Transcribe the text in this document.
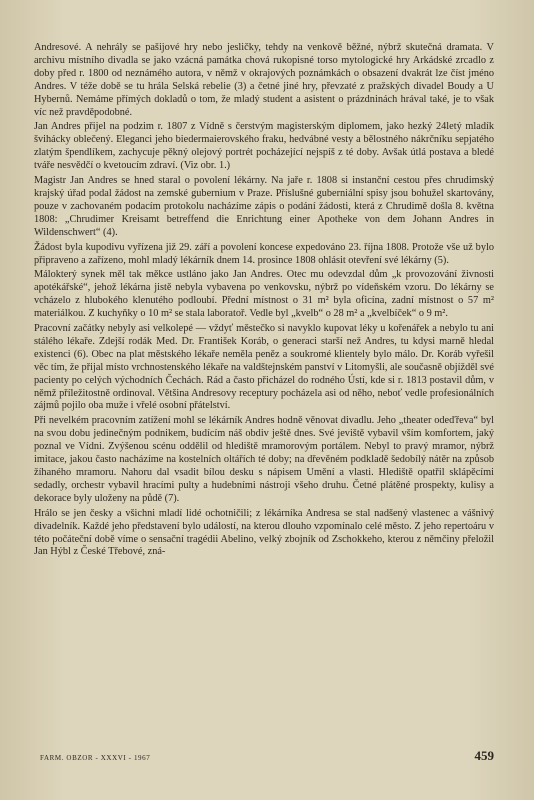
Andresové. A nehrály se pašijové hry nebo jesličky, tehdy na venkově běžné, nýbrž skutečná dramata. V archivu místního divadla se jako vzácná památka chová rukopisné torso mytologické hry Arkádské zrcadlo z doby před r. 1800 od neznámého autora, v němž v okrajových poznámkách o obsazení dvakrát lze číst jméno Andres. V téže době se tu hrála Selská rebelie (3) a četné jiné hry, převzaté z pražských divadel Boudy a U Hybernů. Nemáme přímých dokladů o tom, že mladý student a asistent o prázdninách hrával také, je to však víc než pravděpodobné.

Jan Andres přijel na podzim r. 1807 z Vídně s čerstvým magisterským diplomem, jako hezký 24letý mladík švihácky oblečený. Eleganci jeho biedermaierovského fraku, hedvábné vesty a bělostného nákrčníku sepjatého zlatým špendlíkem, zachycuje pěkný olejový portrét pocházející nejspíš z té doby. Avšak útlá postava a bledé tváře nesvědčí o kvetoucím zdraví. (Viz obr. 1.)

Magistr Jan Andres se hned staral o povolení lékárny. Na jaře r. 1808 si instanční cestou přes chrudimský krajský úřad podal žádost na zemské gubernium v Praze. Příslušné guberniální spisy jsou bohužel skartovány, pouze v zachovaném podacím protokolu nacházíme zápis o podání žádosti, která z Chrudimě došla 8. května 1808: „Chrudimer Kreisamt betreffend die Enrichtung einer Apotheke von dem Johann Andres in Wildenschwert“ (4).

Žádost byla kupodivu vyřízena již 29. září a povolení koncese expedováno 23. října 1808. Protože vše už bylo připraveno a zařízeno, mohl mladý lékárník dnem 14. prosince 1808 ohlásit otevření své lékárny (5).

Málokterý synek měl tak měkce ustláno jako Jan Andres. Otec mu odevzdal dům „k provozování živnosti apotékářské“, jehož lékárna jistě nebyla vybavena po venkovsku, nýbrž po vídeňském vzoru. Do lékárny se vcházelo z hlubokého klenutého podloubí. Přední místnost o 31 m² byla oficína, zadní místnost o 57 m² materiálkou. Z kuchyňky o 10 m² se stala laboratoř. Vedle byl „kvelb“ o 28 m² a „kvelbíček“ o 9 m².

Pracovní začátky nebyly asi velkolepé — vždyť městečko si navyklo kupovat léky u kořenářek a nebylo tu ani stálého lékaře. Zdejší rodák Med. Dr. František Koráb, o generaci starší než Andres, tu kdysi marně hledal existenci (6). Obec na plat městského lékaře neměla peněz a soukromé klientely bylo málo. Dr. Koráb vyřešil věc tím, že přijal místo vrchnostenského lékaře na valdštejnském panství v Litomyšli, ale současně objížděl své pacienty po celých východních Čechách. Rád a často přicházel do rodného Ústí, kde si r. 1813 postavil dům, v němž příležitostně ordinoval. Většina Andresovy receptury pocházela asi od něho, neboť vedle profesionálních zájmů pojilo oba muže i vřelé osobní přátelství.

Při nevelkém pracovním zatížení mohl se lékárník Andres hodně věnovat divadlu. Jeho „theater odeďřeva“ byl na svou dobu jedinečným podnikem, budícím náš obdiv ještě dnes. Své jeviště vybavil vším komfortem, jaký poznal ve Vídni. Zvýšenou scénu oddělil od hlediště mramorovým portálem. Nebyl to pravý mramor, nýbrž imitace, jakou často nacházíme na kostelních oltářích té doby; na dřevěném podkladě šedobílý nátěr na způsob žíhaného mramoru. Nahoru dal vsadit bílou desku s nápisem Umění a vlasti. Hlediště opatřil sklápěcími sedadly, orchestr vybavil hracími pulty a hudebními nástroji všeho druhu. Četné plátěné prospekty, kulisy a dekorace byly uloženy na půdě (7).

Hrálo se jen česky a všichni mladí lidé ochotničili; z lékárníka Andresa se stal nadšený vlastenec a vášnivý divadelník. Každé jeho představení bylo událostí, na kterou dlouho vzpomínalo celé město. Z jeho repertoáru v této počáteční době víme o sensační tragédii Abelino, velký zbojník od Zschokkeho, kterou z němčiny přeložil Jan Hýbl z České Třebové, zná-

FARM. OBZOR - XXXVI - 1967	459
